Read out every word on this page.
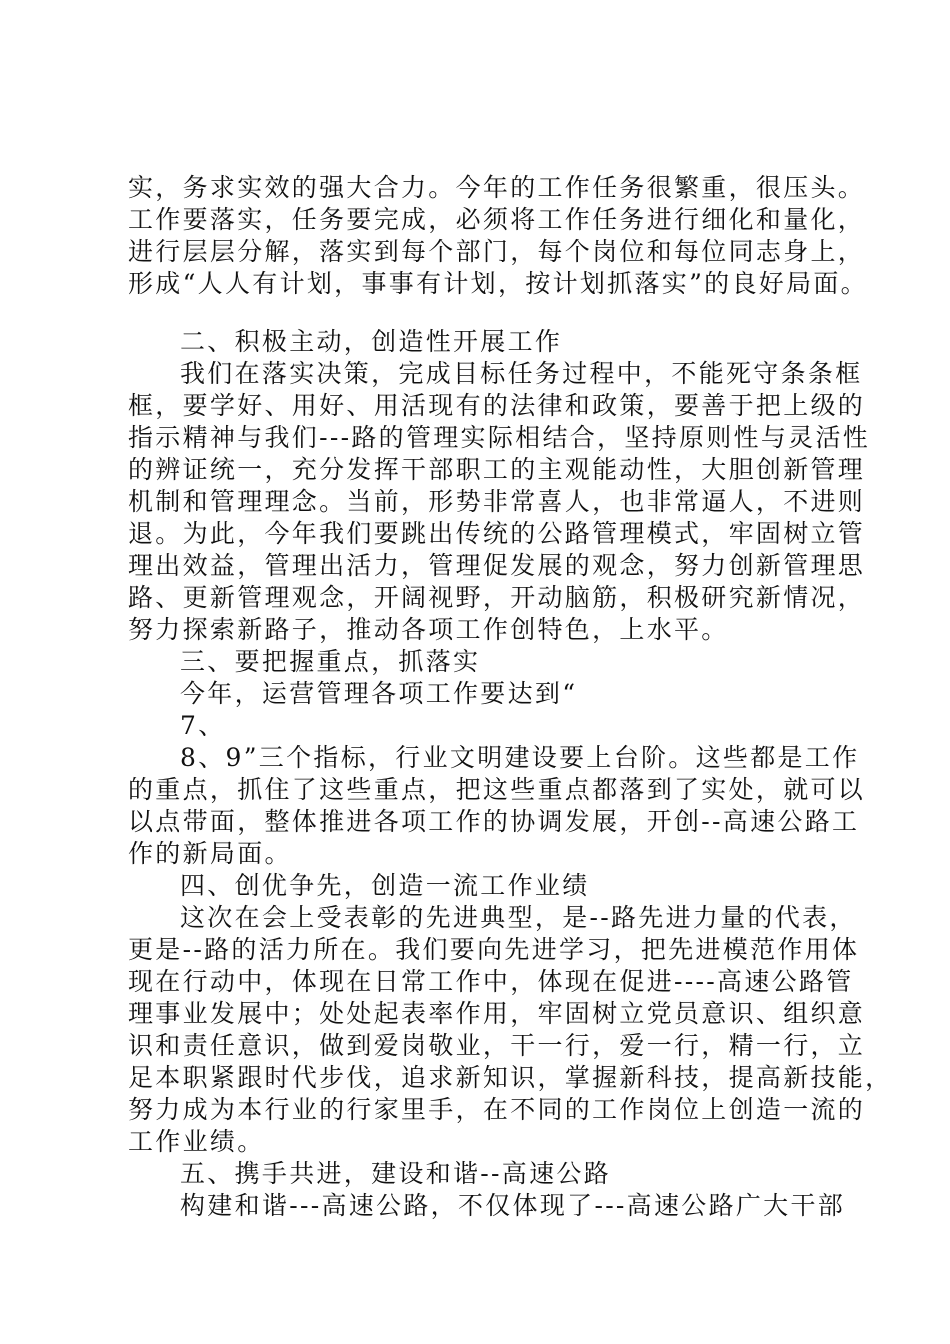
实，务求实效的强大合力。今年的工作任务很繁重，很压头。
工作要落实，任务要完成，必须将工作任务进行细化和量化，
进行层层分解，落实到每个部门，每个岗位和每位同志身上，
形成“人人有计划，事事有计划，按计划抓落实”的良好局面。
二、积极主动，创造性开展工作
我们在落实决策，完成目标任务过程中，不能死守条条框
框，要学好、用好、用活现有的法律和政策，要善于把上级的
指示精神与我们---路的管理实际相结合，坚持原则性与灵活性
的辨证统一，充分发挥干部职工的主观能动性，大胆创新管理
机制和管理理念。当前，形势非常喜人，也非常逼人，不进则
退。为此，今年我们要跳出传统的公路管理模式，牢固树立管
理出效益，管理出活力，管理促发展的观念，努力创新管理思
路、更新管理观念，开阔视野，开动脑筋，积极研究新情况，
努力探索新路子，推动各项工作创特色，上水平。
三、要把握重点，抓落实
今年，运营管理各项工作要达到“
7、
8、9”三个指标，行业文明建设要上台阶。这些都是工作
的重点，抓住了这些重点，把这些重点都落到了实处，就可以
以点带面，整体推进各项工作的协调发展，开创--高速公路工
作的新局面。
四、创优争先，创造一流工作业绩
这次在会上受表彰的先进典型，是--路先进力量的代表，
更是--路的活力所在。我们要向先进学习，把先进模范作用体
现在行动中，体现在日常工作中，体现在促进----高速公路管
理事业发展中；处处起表率作用，牢固树立党员意识、组织意
识和责任意识，做到爱岗敬业，干一行，爱一行，精一行，立
足本职紧跟时代步伐，追求新知识，掌握新科技，提高新技能，
努力成为本行业的行家里手，在不同的工作岗位上创造一流的
工作业绩。
五、携手共进，建设和谐--高速公路
构建和谐---高速公路，不仅体现了---高速公路广大干部
